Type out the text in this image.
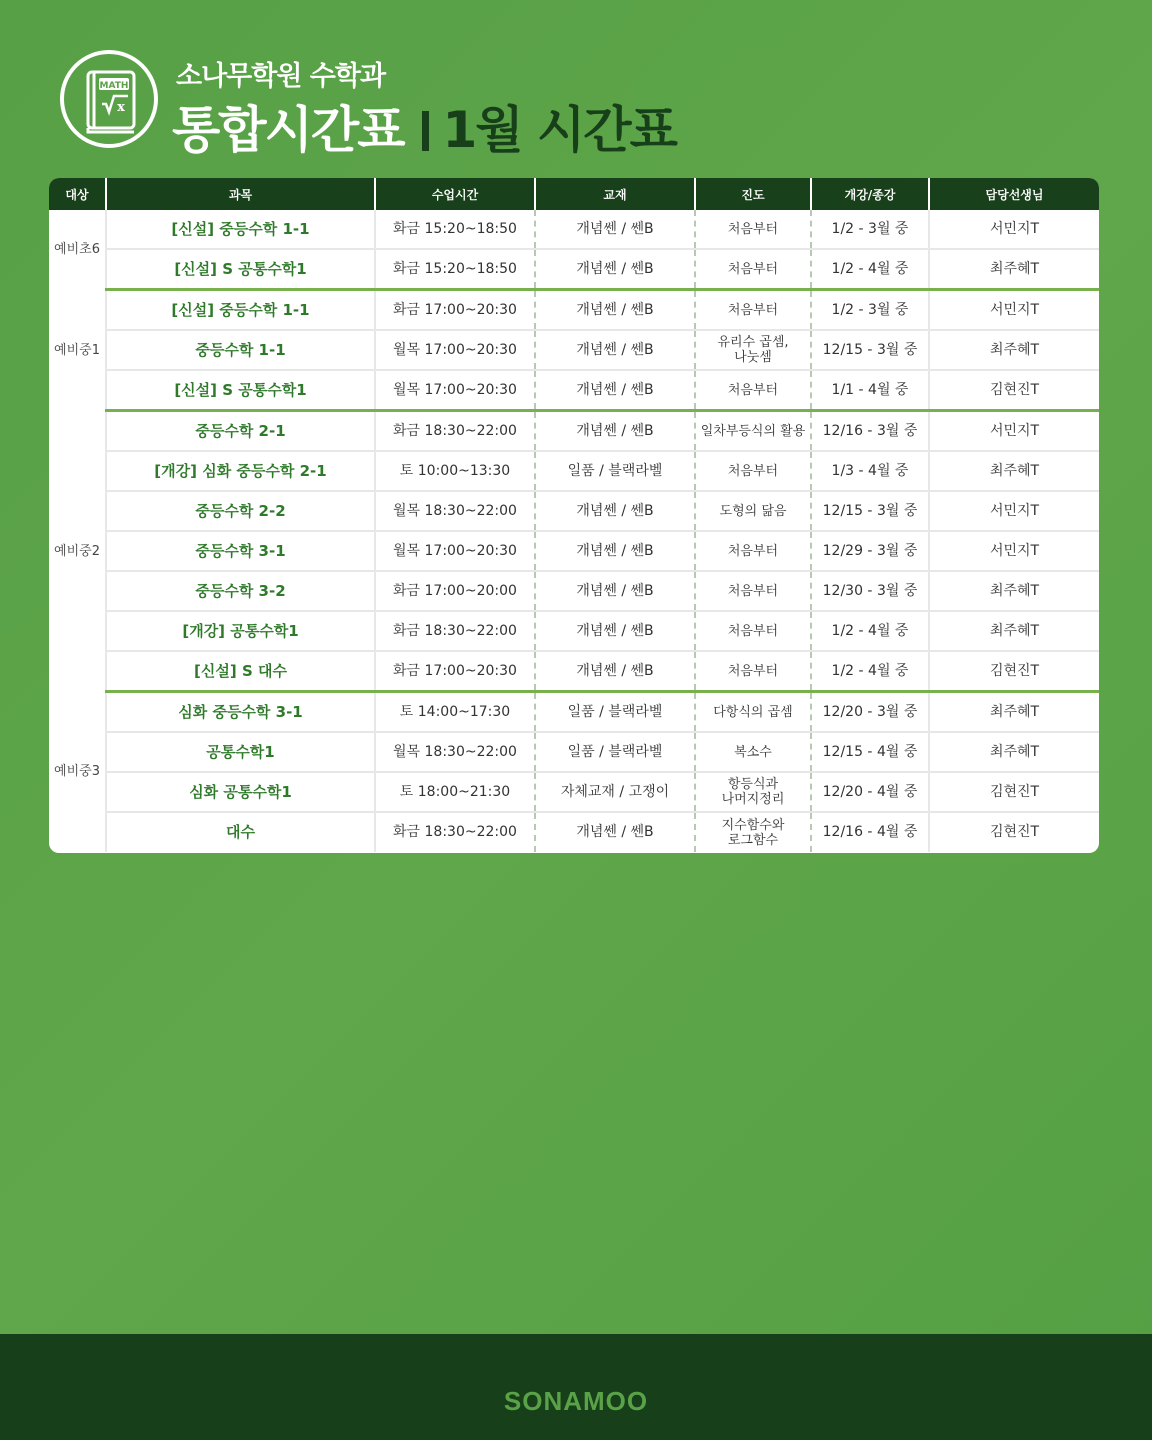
MATH
x
소나무학원 수학과
통합시간표 1월 시간표
대상	과목	수업시간	교재	진도	개강/종강	담당선생님
예비초6	[신설] 중등수학 1-1	화금 15:20~18:50	개념쎈 / 쎈B	처음부터	1/2 - 3월 중	서민지T
	[신설] S 공통수학1	화금 15:20~18:50	개념쎈 / 쎈B	처음부터	1/2 - 4월 중	최주혜T
예비중1	[신설] 중등수학 1-1	화금 17:00~20:30	개념쎈 / 쎈B	처음부터	1/2 - 3월 중	서민지T
	중등수학 1-1	월목 17:00~20:30	개념쎈 / 쎈B	유리수 곱셈,
나눗셈	12/15 - 3월 중	최주혜T
	[신설] S 공통수학1	월목 17:00~20:30	개념쎈 / 쎈B	처음부터	1/1 - 4월 중	김현진T
예비중2	중등수학 2-1	화금 18:30~22:00	개념쎈 / 쎈B	일차부등식의 활용	12/16 - 3월 중	서민지T
	[개강] 심화 중등수학 2-1	토 10:00~13:30	일품 / 블랙라벨	처음부터	1/3 - 4월 중	최주혜T
	중등수학 2-2	월목 18:30~22:00	개념쎈 / 쎈B	도형의 닮음	12/15 - 3월 중	서민지T
	중등수학 3-1	월목 17:00~20:30	개념쎈 / 쎈B	처음부터	12/29 - 3월 중	서민지T
	중등수학 3-2	화금 17:00~20:00	개념쎈 / 쎈B	처음부터	12/30 - 3월 중	최주혜T
	[개강] 공통수학1	화금 18:30~22:00	개념쎈 / 쎈B	처음부터	1/2 - 4월 중	최주혜T
	[신설] S 대수	화금 17:00~20:30	개념쎈 / 쎈B	처음부터	1/2 - 4월 중	김현진T
예비중3	심화 중등수학 3-1	토 14:00~17:30	일품 / 블랙라벨	다항식의 곱셈	12/20 - 3월 중	최주혜T
	공통수학1	월목 18:30~22:00	일품 / 블랙라벨	복소수	12/15 - 4월 중	최주혜T
	심화 공통수학1	토 18:00~21:30	자체교재 / 고쟁이	항등식과
나머지정리	12/20 - 4월 중	김현진T
	대수	화금 18:30~22:00	개념쎈 / 쎈B	지수함수와
로그함수	12/16 - 4월 중	김현진T
SONAMOO
